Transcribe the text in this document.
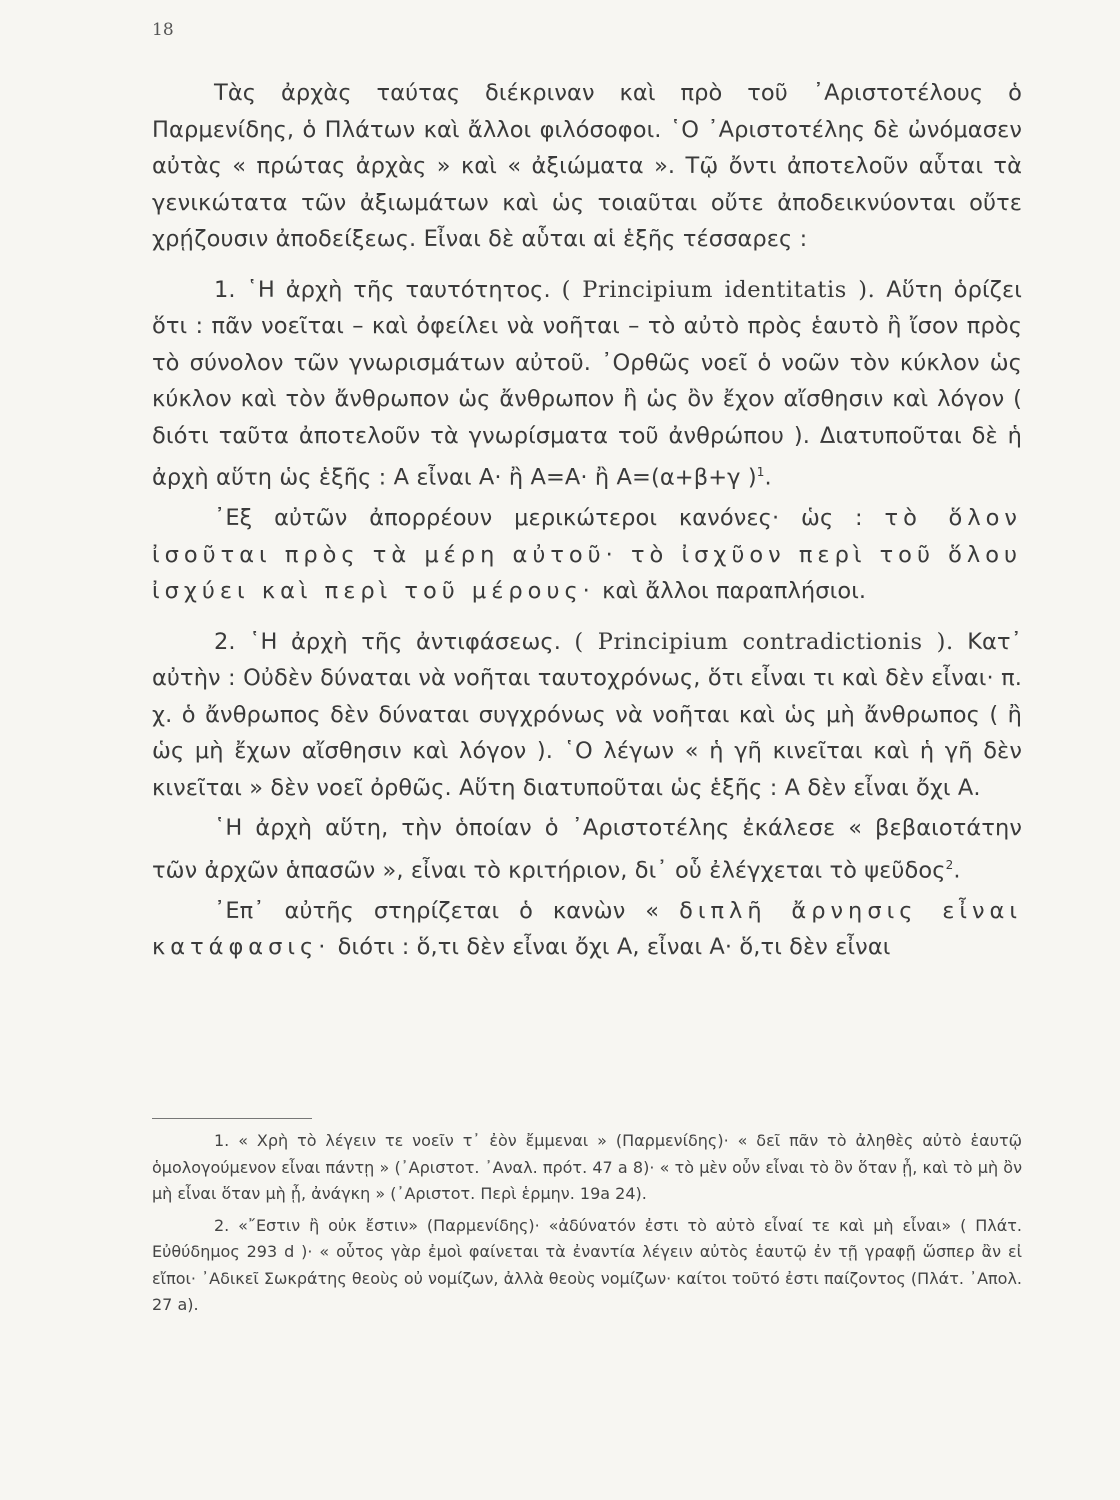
18

Τὰς ἀρχὰς ταύτας διέκριναν καὶ πρὸ τοῦ ᾽Αριστοτέλους ὁ Παρμενίδης, ὁ Πλάτων καὶ ἄλλοι φιλόσοφοι. ῾Ο ᾽Αριστοτέλης δὲ ὠνόμασεν αὐτὰς « πρώτας ἀρχὰς » καὶ « ἀξιώματα ». Τῷ ὄντι ἀποτελοῦν αὗται τὰ γενικώτατα τῶν ἀξιωμάτων καὶ ὡς τοιαῦται οὔτε ἀποδεικνύονται οὔτε χρῄζουσιν ἀποδείξεως. Εἶναι δὲ αὗται αἱ ἑξῆς τέσσαρες :

1. ῾Η ἀρχὴ τῆς ταυτότητος. ( Principium identitatis ). Αὕτη ὁρίζει ὅτι : πᾶν νοεῖται – καὶ ὀφείλει νὰ νοῆται – τὸ αὐτὸ πρὸς ἑαυτὸ ἢ ἴσον πρὸς τὸ σύνολον τῶν γνωρισμάτων αὐτοῦ. ᾽Ορθῶς νοεῖ ὁ νοῶν τὸν κύκλον ὡς κύκλον καὶ τὸν ἄνθρωπον ὡς ἄνθρωπον ἢ ὡς ὂν ἔχον αἴσθησιν καὶ λόγον ( διότι ταῦτα ἀποτελοῦν τὰ γνωρίσματα τοῦ ἀνθρώπου ). Διατυποῦται δὲ ἡ ἀρχὴ αὕτη ὡς ἑξῆς : Α εἶναι Α· ἢ Α=Α· ἢ Α=(α+β+γ )$^1$.

᾽Εξ αὐτῶν ἀπορρέουν μερικώτεροι κανόνες· ὡς : τὸ ὅλον ἰσοῦται πρὸς τὰ μέρη αὐτοῦ· τὸ ἰσχῦον περὶ τοῦ ὅλου ἰσχύει καὶ περὶ τοῦ μέρους· καὶ ἄλλοι παραπλήσιοι.

2. ῾Η ἀρχὴ τῆς ἀντιφάσεως. ( Principium contradictionis ). Κατ᾽ αὐτὴν : Οὐδὲν δύναται νὰ νοῆται ταυτοχρόνως, ὅτι εἶναι τι καὶ δὲν εἶναι· π. χ. ὁ ἄνθρωπος δὲν δύναται συγχρόνως νὰ νοῆται καὶ ὡς μὴ ἄνθρωπος ( ἢ ὡς μὴ ἔχων αἴσθησιν καὶ λόγον ). ῾Ο λέγων « ἡ γῆ κινεῖται καὶ ἡ γῆ δὲν κινεῖται » δὲν νοεῖ ὀρθῶς. Αὕτη διατυποῦται ὡς ἑξῆς : Α δὲν εἶναι ὄχι Α.

῾Η ἀρχὴ αὕτη, τὴν ὁποίαν ὁ ᾽Αριστοτέλης ἐκάλεσε « βεβαιοτάτην τῶν ἀρχῶν ἁπασῶν », εἶναι τὸ κριτήριον, δι᾽ οὗ ἐλέγχεται τὸ ψεῦδος$^2$.

᾽Επ᾽ αὐτῆς στηρίζεται ὁ κανὼν « διπλῆ ἄρνησις εἶναι κατάφασις· διότι : ὅ,τι δὲν εἶναι ὄχι Α, εἶναι Α· ὅ,τι δὲν εἶναι

1. « Χρὴ τὸ λέγειν τε νοεῖν τ᾽ ἐὸν ἔμμεναι » (Παρμενίδης)· « δεῖ πᾶν τὸ ἀληθὲς αὐτὸ ἑαυτῷ ὁμολογούμενον εἶναι πάντῃ » (᾽Αριστοτ. ᾽Αναλ. πρότ. 47 a 8)· « τὸ μὲν οὖν εἶναι τὸ ὂν ὅταν ᾖ, καὶ τὸ μὴ ὂν μὴ εἶναι ὅταν μὴ ᾖ, ἀνάγκη » (᾽Αριστοτ. Περὶ ἑρμην. 19a 24).

2. «῎Εστιν ἢ οὐκ ἔστιν» (Παρμενίδης)· «ἀδύνατόν ἐστι τὸ αὐτὸ εἶναί τε καὶ μὴ εἶναι» ( Πλάτ. Εὐθύδημος 293 d )· « οὗτος γὰρ ἐμοὶ φαίνεται τὰ ἐναντία λέγειν αὐτὸς ἑαυτῷ ἐν τῇ γραφῇ ὥσπερ ἂν εἰ εἴποι· ᾽Αδικεῖ Σωκράτης θεοὺς οὐ νομίζων, ἀλλὰ θεοὺς νομίζων· καίτοι τοῦτό ἐστι παίζοντος (Πλάτ. ᾽Απολ. 27 a).
